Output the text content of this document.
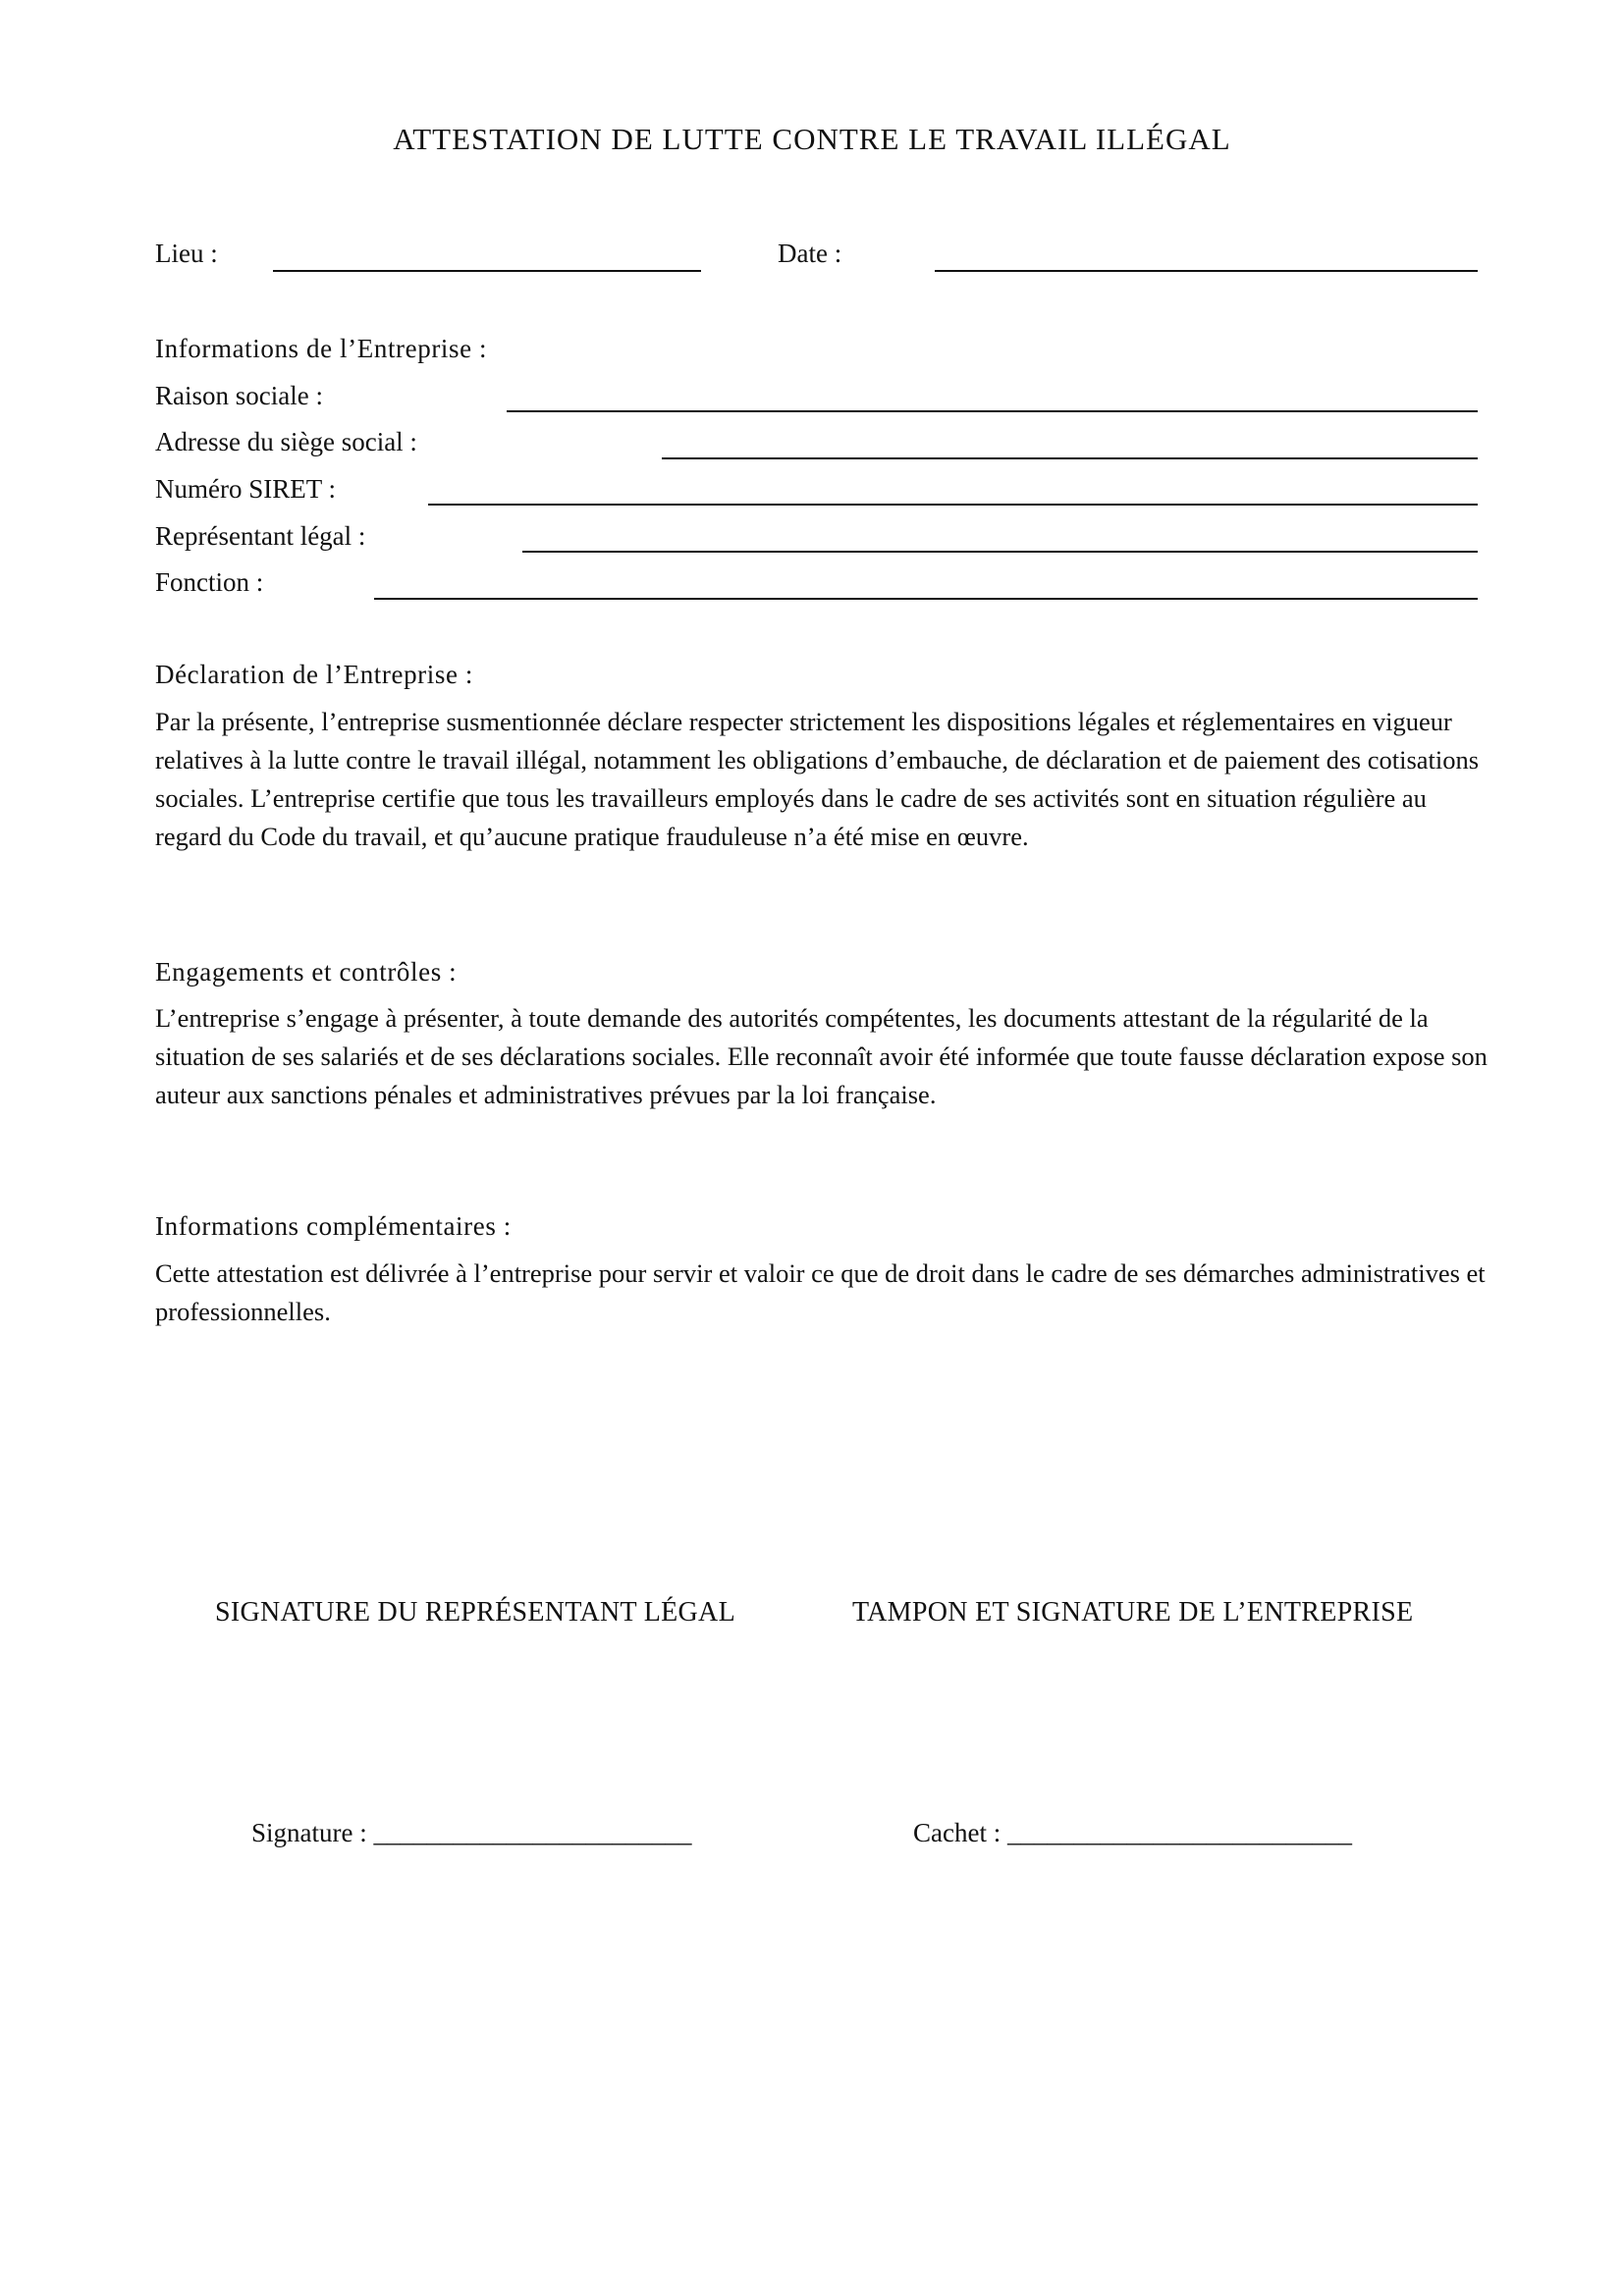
ATTESTATION DE LUTTE CONTRE LE TRAVAIL ILLÉGAL
Lieu :	Date :
Informations de l’Entreprise :
Raison sociale :
Adresse du siège social :
Numéro SIRET :
Représentant légal :
Fonction :
Déclaration de l’Entreprise :
Par la présente, l’entreprise susmentionnée déclare respecter strictement les dispositions légales et réglementaires en vigueur relatives à la lutte contre le travail illégal, notamment les obligations d’embauche, de déclaration et de paiement des cotisations sociales. L’entreprise certifie que tous les travailleurs employés dans le cadre de ses activités sont en situation régulière au regard du Code du travail, et qu’aucune pratique frauduleuse n’a été mise en œuvre.
Engagements et contrôles :
L’entreprise s’engage à présenter, à toute demande des autorités compétentes, les documents attestant de la régularité de la situation de ses salariés et de ses déclarations sociales. Elle reconnaît avoir été informée que toute fausse déclaration expose son auteur aux sanctions pénales et administratives prévues par la loi française.
Informations complémentaires :
Cette attestation est délivrée à l’entreprise pour servir et valoir ce que de droit dans le cadre de ses démarches administratives et professionnelles.
SIGNATURE DU REPRÉSENTANT LÉGAL	TAMPON ET SIGNATURE DE L’ENTREPRISE
Signature : ________________________	Cachet : __________________________
